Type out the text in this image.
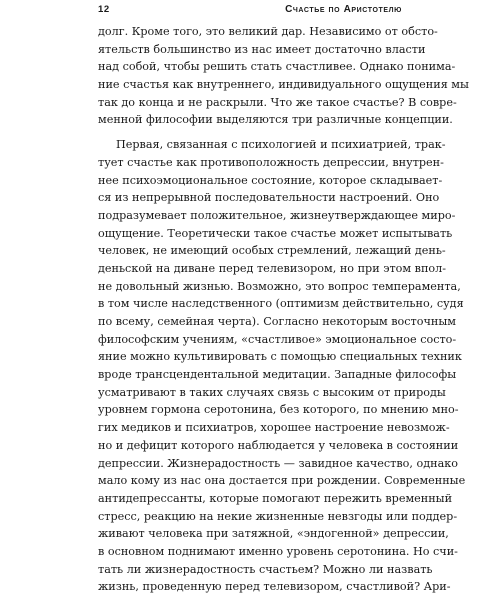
12	Счастье по Аристотелю
долг. Кроме того, это великий дар. Независимо от обсто-
ятельств большинство из нас имеет достаточно власти
над собой, чтобы решить стать счастливее. Однако понима-
ние счастья как внутреннего, индивидуального ощущения мы
так до конца и не раскрыли. Что же такое счастье? В совре-
менной философии выделяются три различные концепции.
Первая, связанная с психологией и психиатрией, трак-
тует счастье как противоположность депрессии, внутрен-
нее психоэмоциональное состояние, которое складывает-
ся из непрерывной последовательности настроений. Оно
подразумевает положительное, жизнеутверждающее миро-
ощущение. Теоретически такое счастье может испытывать
человек, не имеющий особых стремлений, лежащий день-
деньской на диване перед телевизором, но при этом впол-
не довольный жизнью. Возможно, это вопрос темперамента,
в том числе наследственного (оптимизм действительно, судя
по всему, семейная черта). Согласно некоторым восточным
философским учениям, «счастливое» эмоциональное состо-
яние можно культивировать с помощью специальных техник
вроде трансцендентальной медитации. Западные философы
усматривают в таких случаях связь с высоким от природы
уровнем гормона серотонина, без которого, по мнению мно-
гих медиков и психиатров, хорошее настроение невозмож-
но и дефицит которого наблюдается у человека в состоянии
депрессии. Жизнерадостность — завидное качество, однако
мало кому из нас она достается при рождении. Современные
антидепрессанты, которые помогают пережить временный
стресс, реакцию на некие жизненные невзгоды или поддер-
живают человека при затяжной, «эндогенной» депрессии,
в основном поднимают именно уровень серотонина. Но счи-
тать ли жизнерадостность счастьем? Можно ли назвать
жизнь, проведенную перед телевизором, счастливой? Ари-
